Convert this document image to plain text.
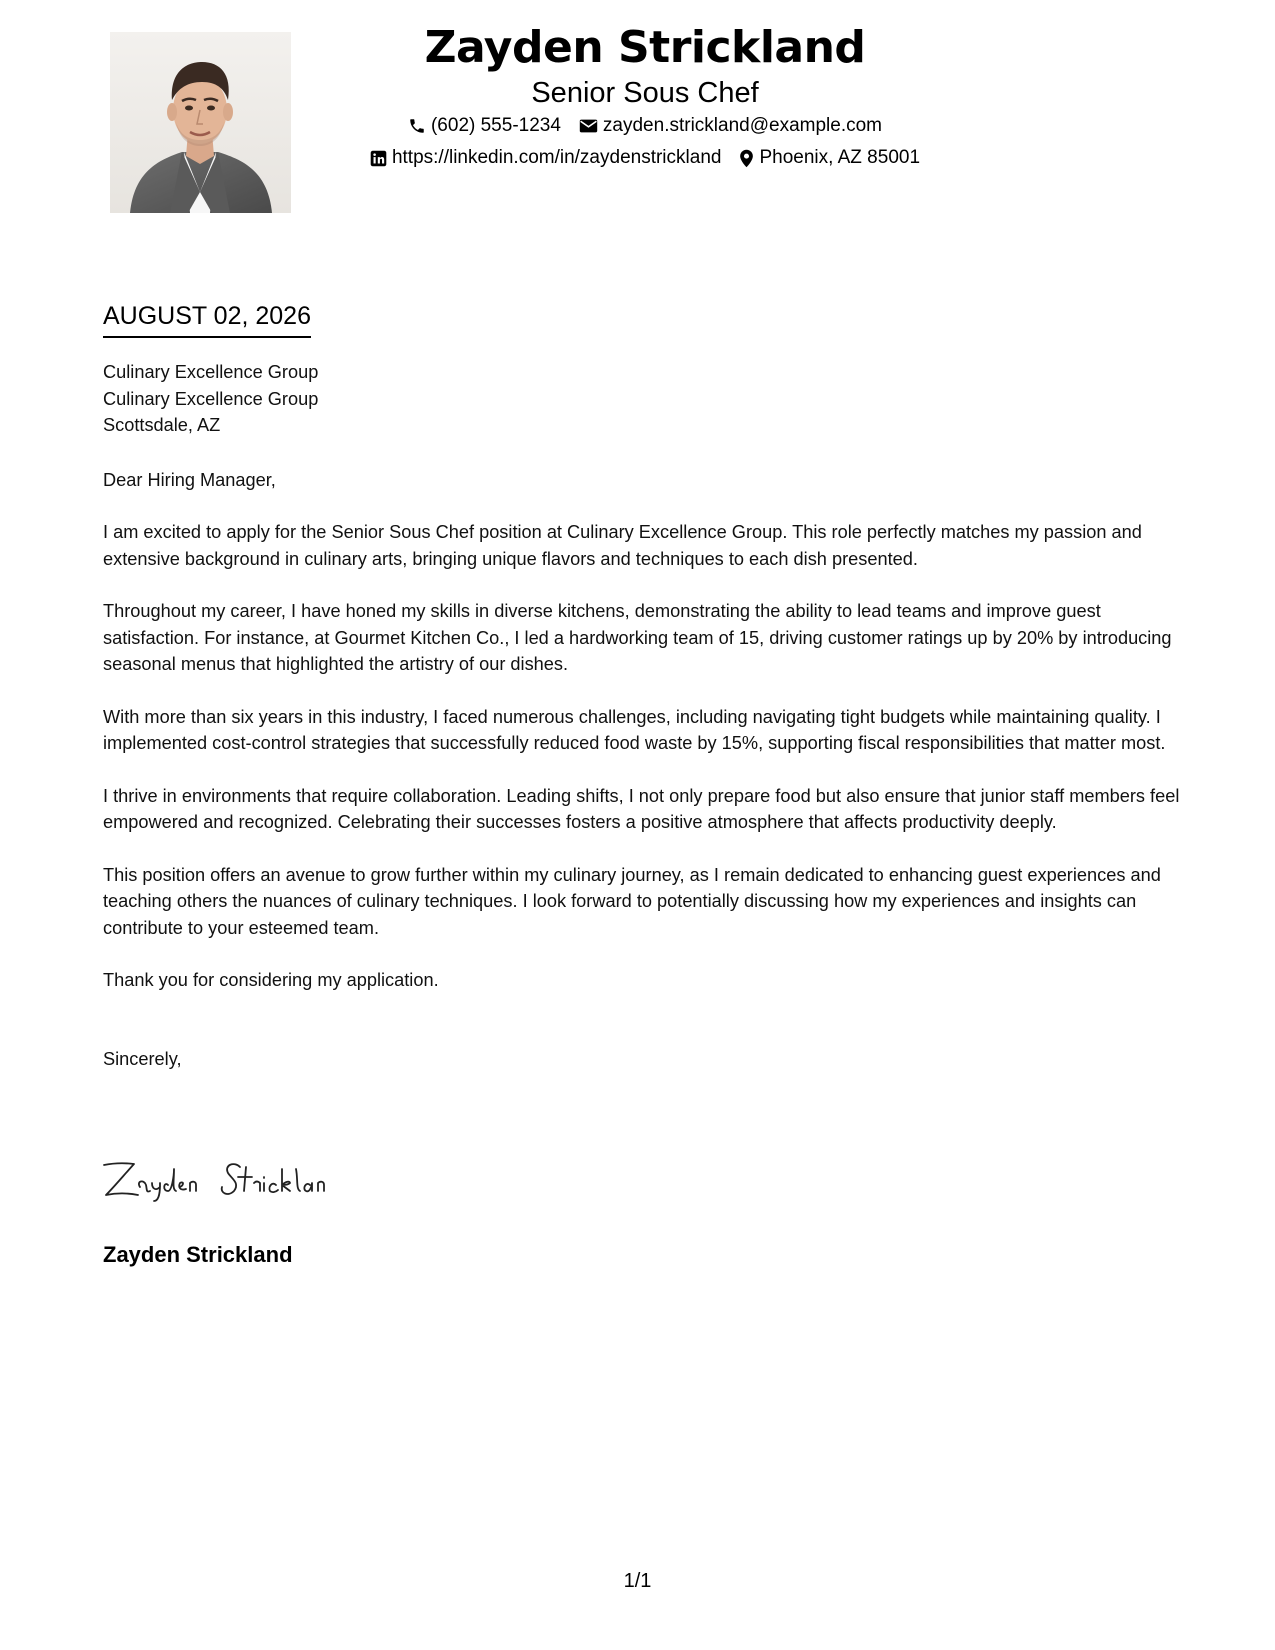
Zayden Strickland
Senior Sous Chef
(602) 555-1234 zayden.strickland@example.com
https://linkedin.com/in/zaydenstrickland Phoenix, AZ 85001
AUGUST 02, 2026
Culinary Excellence Group
Culinary Excellence Group
Scottsdale, AZ
Dear Hiring Manager,
I am excited to apply for the Senior Sous Chef position at Culinary Excellence Group. This role perfectly matches my passion and extensive background in culinary arts, bringing unique flavors and techniques to each dish presented.
Throughout my career, I have honed my skills in diverse kitchens, demonstrating the ability to lead teams and improve guest satisfaction. For instance, at Gourmet Kitchen Co., I led a hardworking team of 15, driving customer ratings up by 20% by introducing seasonal menus that highlighted the artistry of our dishes.
With more than six years in this industry, I faced numerous challenges, including navigating tight budgets while maintaining quality. I implemented cost-control strategies that successfully reduced food waste by 15%, supporting fiscal responsibilities that matter most.
I thrive in environments that require collaboration. Leading shifts, I not only prepare food but also ensure that junior staff members feel empowered and recognized. Celebrating their successes fosters a positive atmosphere that affects productivity deeply.
This position offers an avenue to grow further within my culinary journey, as I remain dedicated to enhancing guest experiences and teaching others the nuances of culinary techniques. I look forward to potentially discussing how my experiences and insights can contribute to your esteemed team.
Thank you for considering my application.
Sincerely,
Zayden Strickland
1/1
